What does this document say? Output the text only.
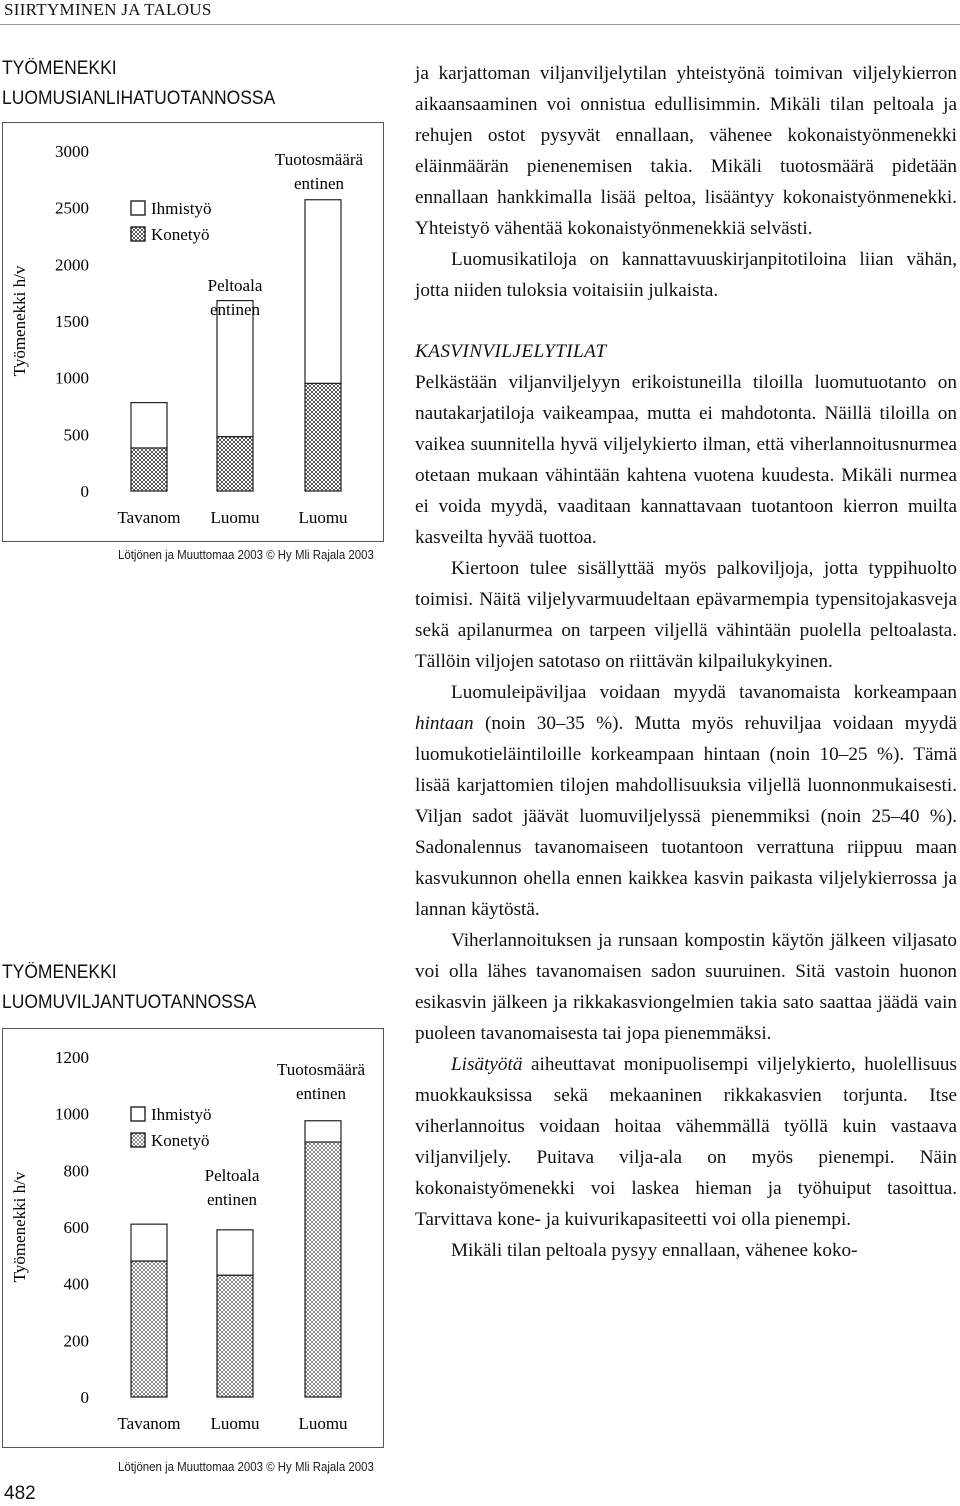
SIIRTYMINEN JA TALOUS
TYÖMENEKKI
LUOMUSIANLIHATUOTANNOSSA
0
500
1000
1500
2000
2500
3000
Työmenekki h/v
Tavanom Luomu Luomu
Ihmistyö
Konetyö
Peltoala
entinen
Tuotosmäärä
entinen
Lötjönen ja Muuttomaa 2003 © Hy Mli Rajala 2003
TYÖMENEKKI
LUOMUVILJANTUOTANNOSSA
0
200
400
600
800
1000
1200
Työmenekki h/v
Tavanom Luomu Luomu
Ihmistyö
Konetyö
Peltoala
entinen
Tuotosmäärä
entinen
Lötjönen ja Muuttomaa 2003 © Hy Mli Rajala 2003
482

ja karjattoman viljanviljelytilan yhteistyönä toimivan viljelykierron aikaansaaminen voi onnistua edullisimmin. Mikäli tilan peltoala ja rehujen ostot pysyvät ennallaan, vähenee kokonaistyönmenekki eläinmäärän pienenemisen takia. Mikäli tuotosmäärä pidetään ennallaan hankkimalla lisää peltoa, lisääntyy kokonaistyönmenekki. Yhteistyö vähentää kokonaistyönmenekkiä selvästi.

Luomusikatiloja on kannattavuuskirjanpitotiloina liian vähän, jotta niiden tuloksia voitaisiin julkaista.

KASVINVILJELYTILAT

Pelkästään viljanviljelyyn erikoistuneilla tiloilla luomutuotanto on nautakarjatiloja vaikeampaa, mutta ei mahdotonta. Näillä tiloilla on vaikea suunnitella hyvä viljelykierto ilman, että viherlannoitusnurmea otetaan mukaan vähintään kahtena vuotena kuudesta. Mikäli nurmea ei voida myydä, vaaditaan kannattavaan tuotantoon kierron muilta kasveilta hyvää tuottoa.

Kiertoon tulee sisällyttää myös palkoviljoja, jotta typpihuolto toimisi. Näitä viljelyvarmuudeltaan epävarmempia typensitojakasveja sekä apilanurmea on tarpeen viljellä vähintään puolella peltoalasta. Tällöin viljojen satotaso on riittävän kilpailukykyinen.

Luomuleipäviljaa voidaan myydä tavanomaista korkeampaan hintaan (noin 30–35 %). Mutta myös rehuviljaa voidaan myydä luomukotieläintiloille korkeampaan hintaan (noin 10–25 %). Tämä lisää karjattomien tilojen mahdollisuuksia viljellä luonnonmukaisesti. Viljan sadot jäävät luomuviljelyssä pienemmiksi (noin 25–40 %). Sadonalennus tavanomaiseen tuotantoon verrattuna riippuu maan kasvukunnon ohella ennen kaikkea kasvin paikasta viljelykierrossa ja lannan käytöstä.

Viherlannoituksen ja runsaan kompostin käytön jälkeen viljasato voi olla lähes tavanomaisen sadon suuruinen. Sitä vastoin huonon esikasvin jälkeen ja rikkakasviongelmien takia sato saattaa jäädä vain puoleen tavanomaisesta tai jopa pienemmäksi.

Lisätyötä aiheuttavat monipuolisempi viljelykierto, huolellisuus muokkauksissa sekä mekaaninen rikkakasvien torjunta. Itse viherlannoitus voidaan hoitaa vähemmällä työllä kuin vastaava viljanviljely. Puitava vilja-ala on myös pienempi. Näin kokonaistyömenekki voi laskea hieman ja työhuiput tasoittua. Tarvittava kone- ja kuivurikapasiteetti voi olla pienempi.

Mikäli tilan peltoala pysyy ennallaan, vähenee koko-
